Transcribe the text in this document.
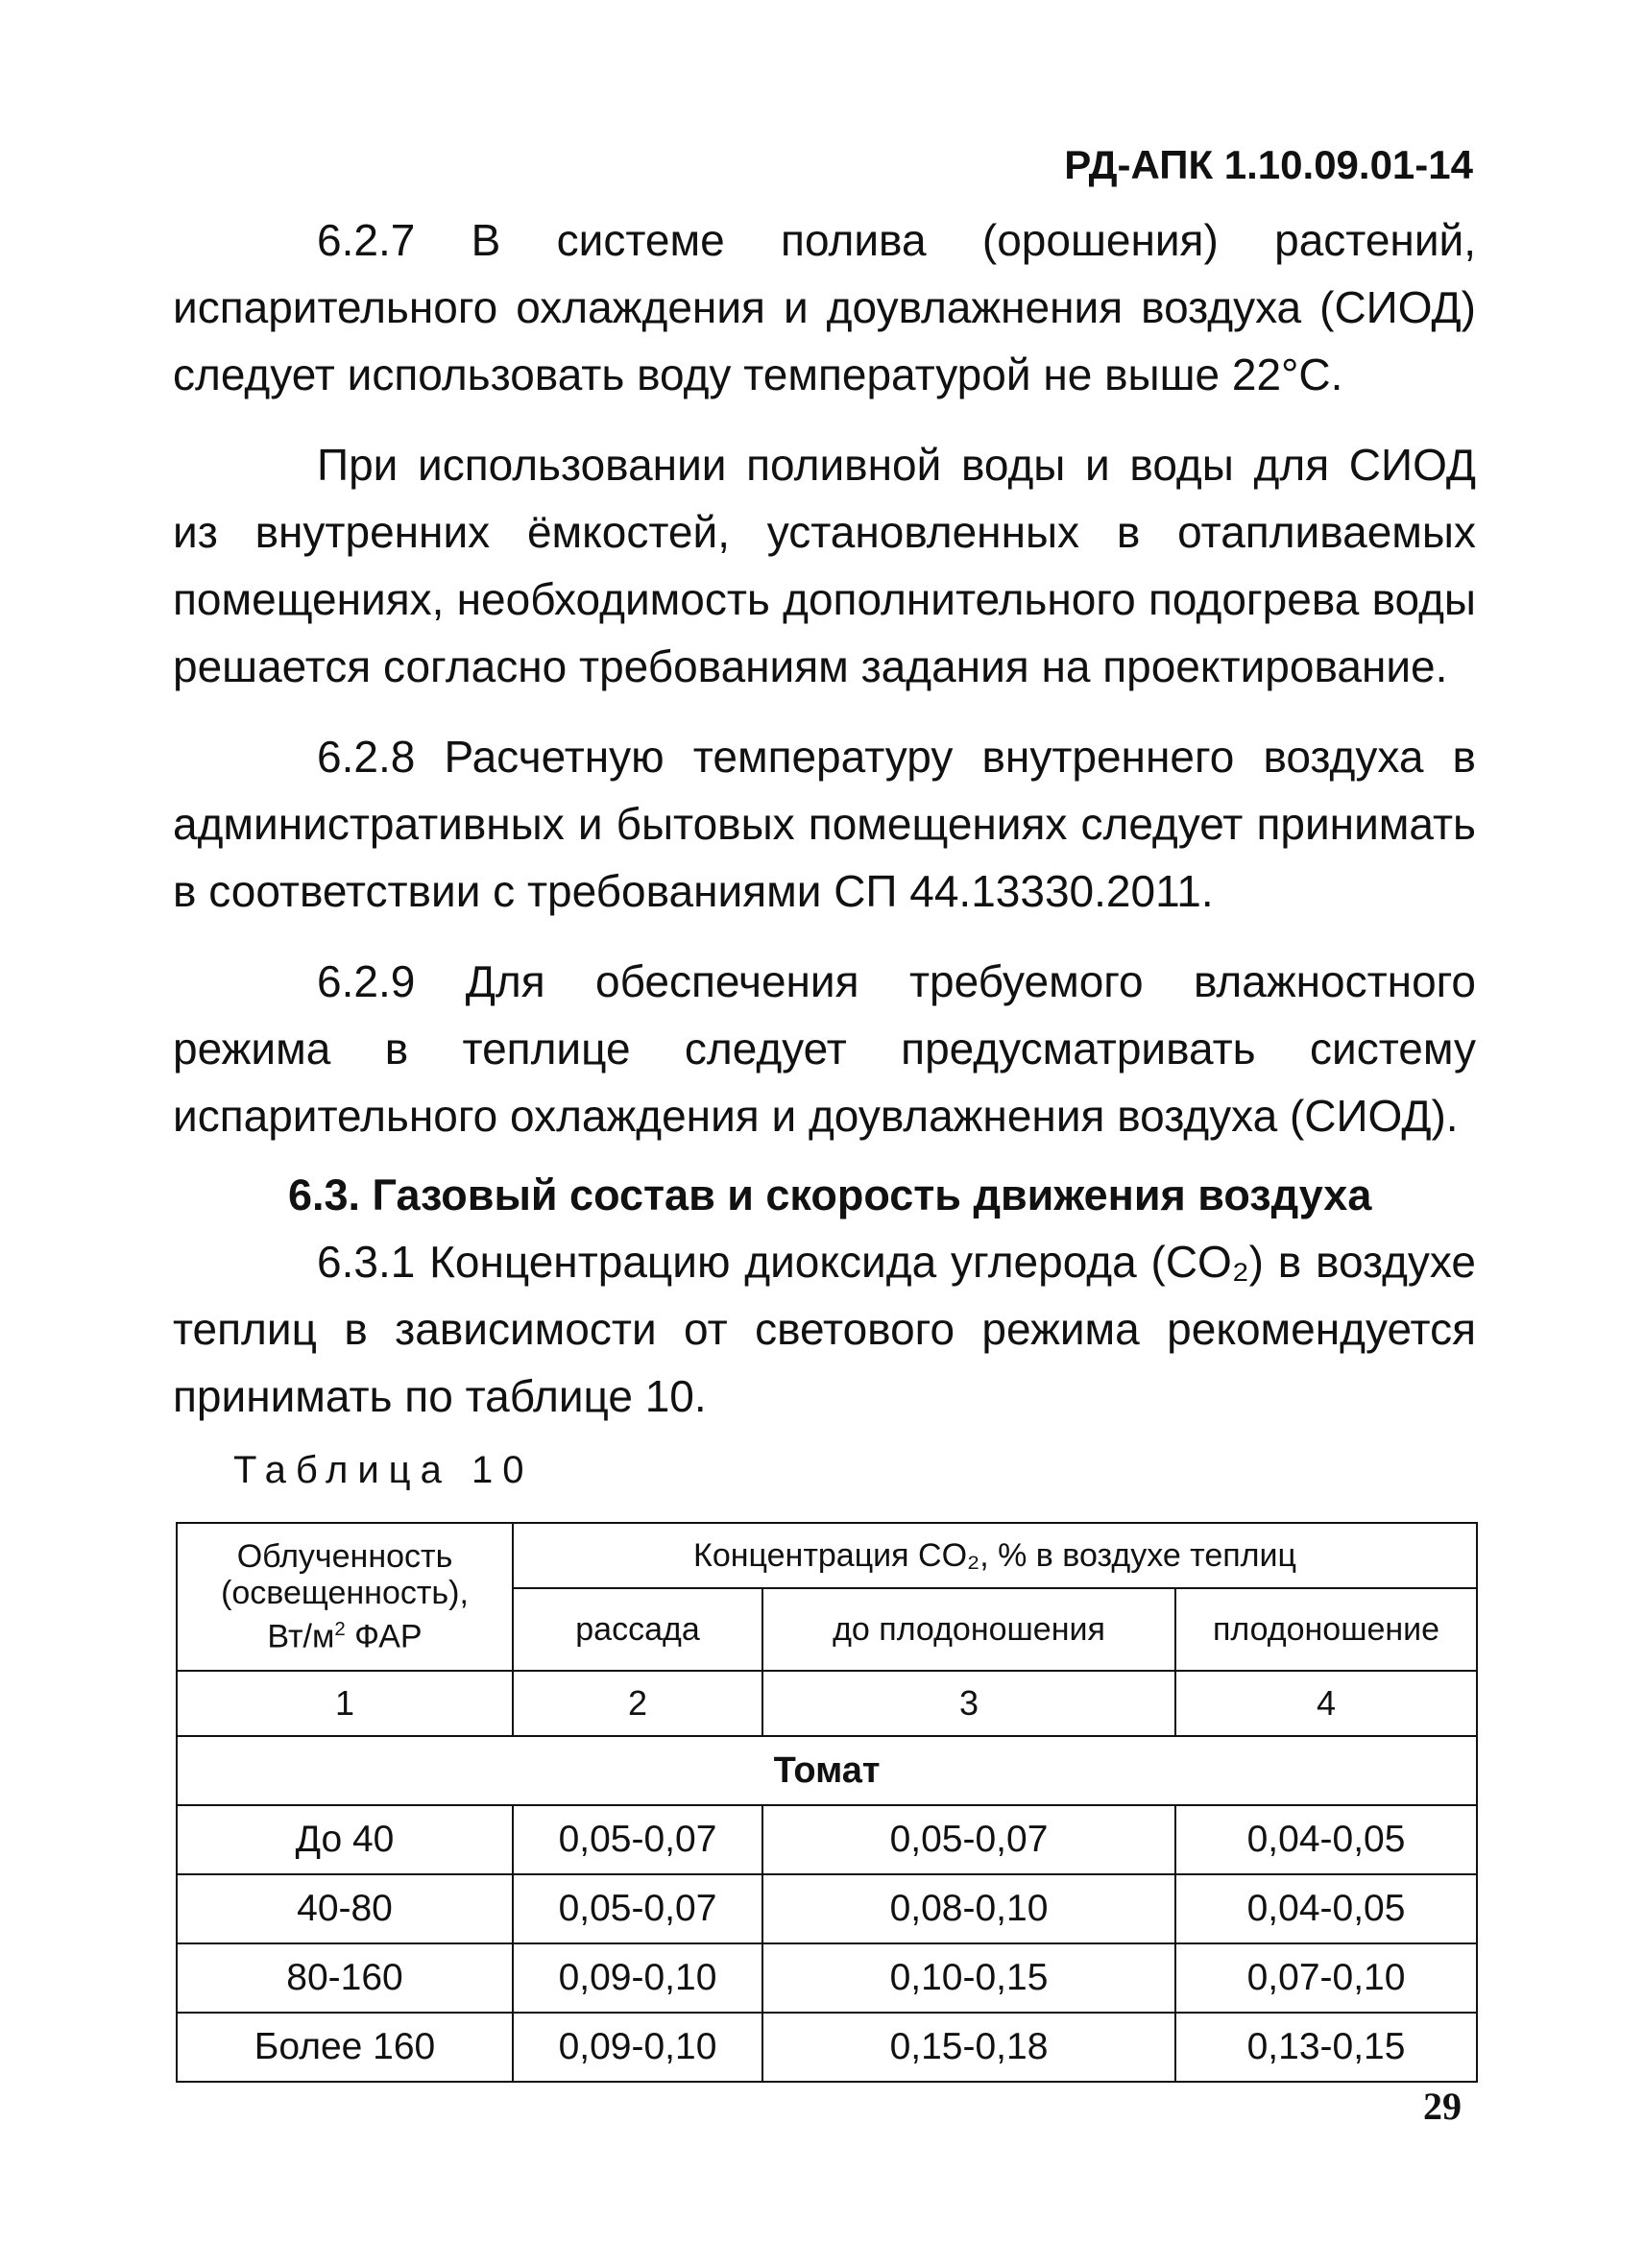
РД-АПК 1.10.09.01-14

6.2.7 В системе полива (орошения) растений, испарительного охлаждения и доувлажнения воздуха (СИОД) следует использовать воду температурой не выше 22°С.

При использовании поливной воды и воды для СИОД из внутренних ёмкостей, установленных в отапливаемых помещениях, необходимость дополнительного подогрева воды решается согласно требованиям задания на проектирование.

6.2.8 Расчетную температуру внутреннего воздуха в административных и бытовых помещениях следует принимать в соответствии с требованиями СП 44.13330.2011.

6.2.9 Для обеспечения требуемого влажностного режима в теплице следует предусматривать систему испарительного охлаждения и доувлажнения воздуха (СИОД).

6.3. Газовый состав и скорость движения воздуха

6.3.1 Концентрацию диоксида углерода (CO₂) в воздухе теплиц в зависимости от светового режима рекомендуется принимать по таблице 10.

Таблица 10
Облученность
(освещенность),
$Вт/м^2$ ФАР	Концентрация CO₂, % в воздухе теплиц		
	рассада	до плодоношения	плодоношение
1	2	3	4
Томат			
До 40	0,05-0,07	0,05-0,07	0,04-0,05
40-80	0,05-0,07	0,08-0,10	0,04-0,05
80-160	0,09-0,10	0,10-0,15	0,07-0,10
Более 160	0,09-0,10	0,15-0,18	0,13-0,15
29
